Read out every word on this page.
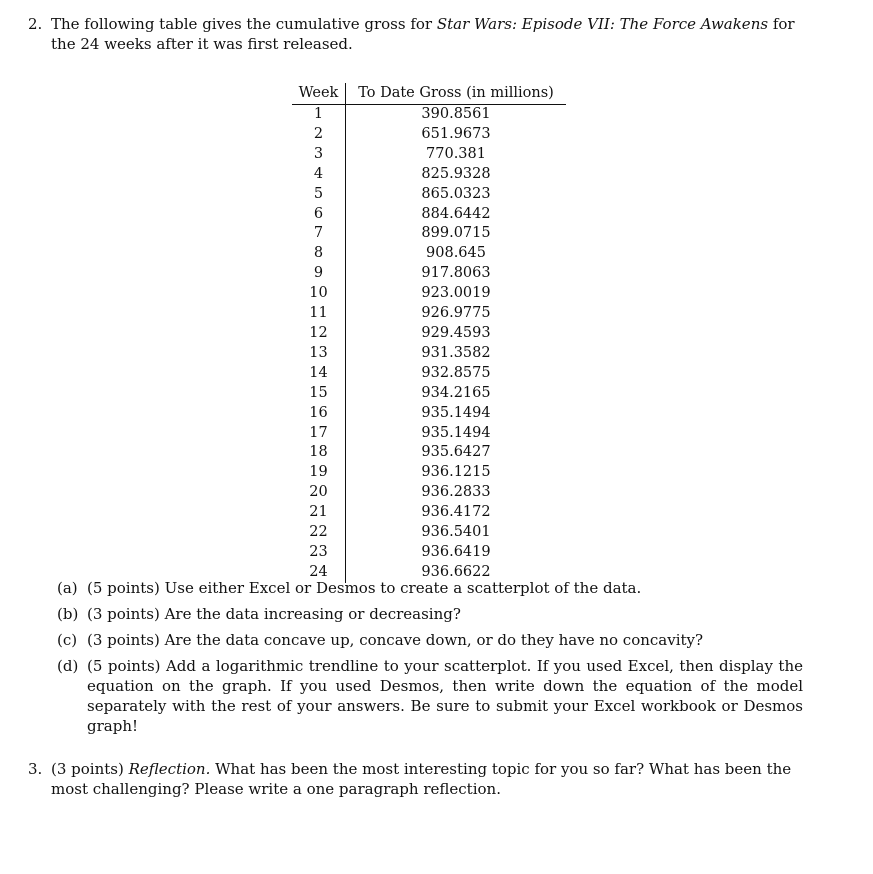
2. The following table gives the cumulative gross for Star Wars: Episode VII: The Force Awakens for the 24 weeks after it was first released.

Week	To Date Gross (in millions)
1	390.8561
2	651.9673
3	770.381
4	825.9328
5	865.0323
6	884.6442
7	899.0715
8	908.645
9	917.8063
10	923.0019
11	926.9775
12	929.4593
13	931.3582
14	932.8575
15	934.2165
16	935.1494
17	935.1494
18	935.6427
19	936.1215
20	936.2833
21	936.4172
22	936.5401
23	936.6419
24	936.6622
(a) (5 points) Use either Excel or Desmos to create a scatterplot of the data.
(b) (3 points) Are the data increasing or decreasing?
(c) (3 points) Are the data concave up, concave down, or do they have no concavity?
(d) (5 points) Add a logarithmic trendline to your scatterplot. If you used Excel, then display the equation on the graph. If you used Desmos, then write down the equation of the model separately with the rest of your answers. Be sure to submit your Excel workbook or Desmos graph!

3. (3 points) Reflection. What has been the most interesting topic for you so far? What has been the most challenging? Please write a one paragraph reflection.
